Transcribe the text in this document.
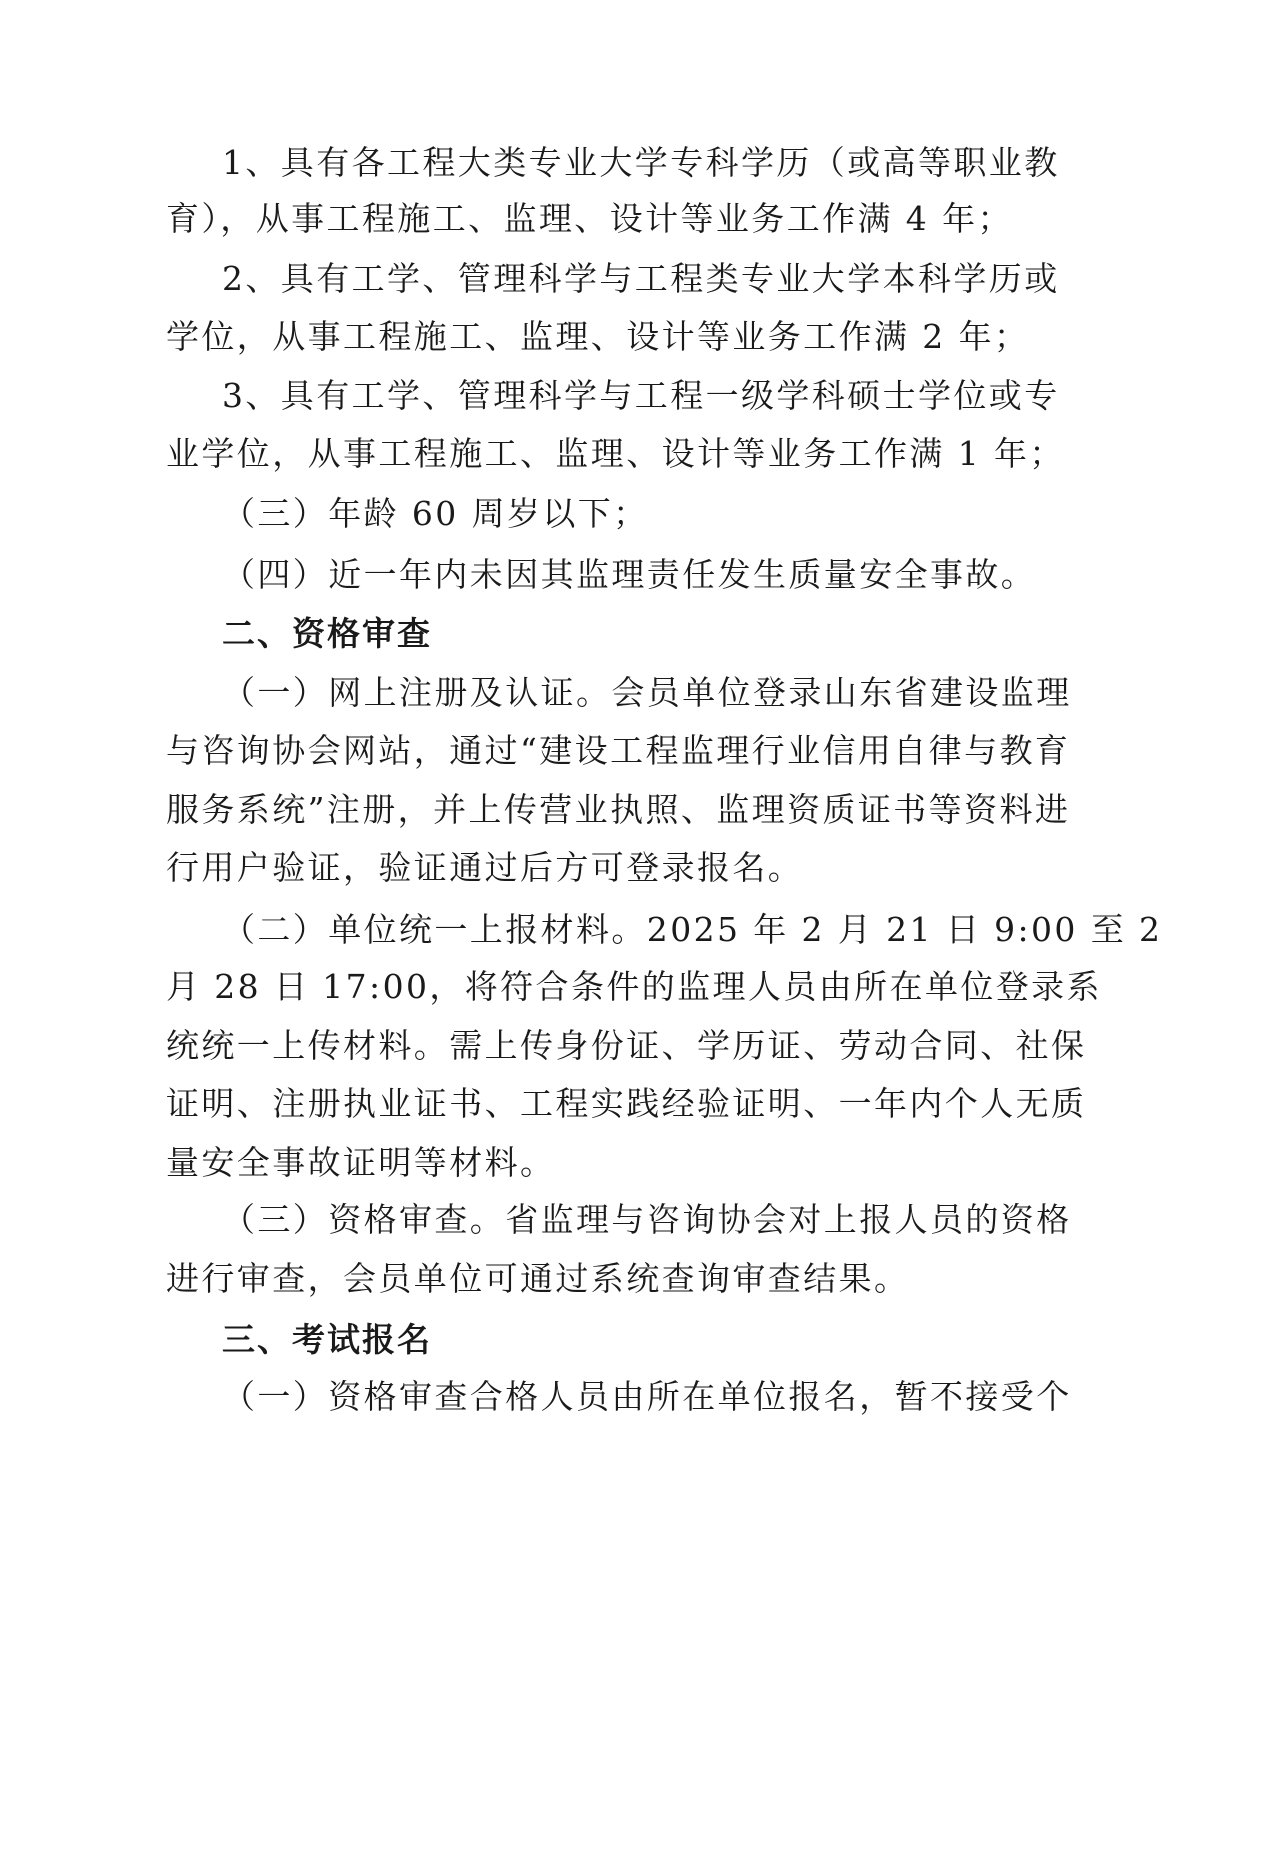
1、具有各工程大类专业大学专科学历（或高等职业教
育），从事工程施工、监理、设计等业务工作满 4 年；
2、具有工学、管理科学与工程类专业大学本科学历或
学位，从事工程施工、监理、设计等业务工作满 2 年；
3、具有工学、管理科学与工程一级学科硕士学位或专
业学位，从事工程施工、监理、设计等业务工作满 1 年；
（三）年龄 60 周岁以下；
（四）近一年内未因其监理责任发生质量安全事故。
二、资格审查
（一）网上注册及认证。会员单位登录山东省建设监理
与咨询协会网站，通过“建设工程监理行业信用自律与教育
服务系统”注册，并上传营业执照、监理资质证书等资料进
行用户验证，验证通过后方可登录报名。
（二）单位统一上报材料。2025 年 2 月 21 日 9:00 至 2
月 28 日 17:00，将符合条件的监理人员由所在单位登录系
统统一上传材料。需上传身份证、学历证、劳动合同、社保
证明、注册执业证书、工程实践经验证明、一年内个人无质
量安全事故证明等材料。
（三）资格审查。省监理与咨询协会对上报人员的资格
进行审查，会员单位可通过系统查询审查结果。
三、考试报名
（一）资格审查合格人员由所在单位报名，暂不接受个
